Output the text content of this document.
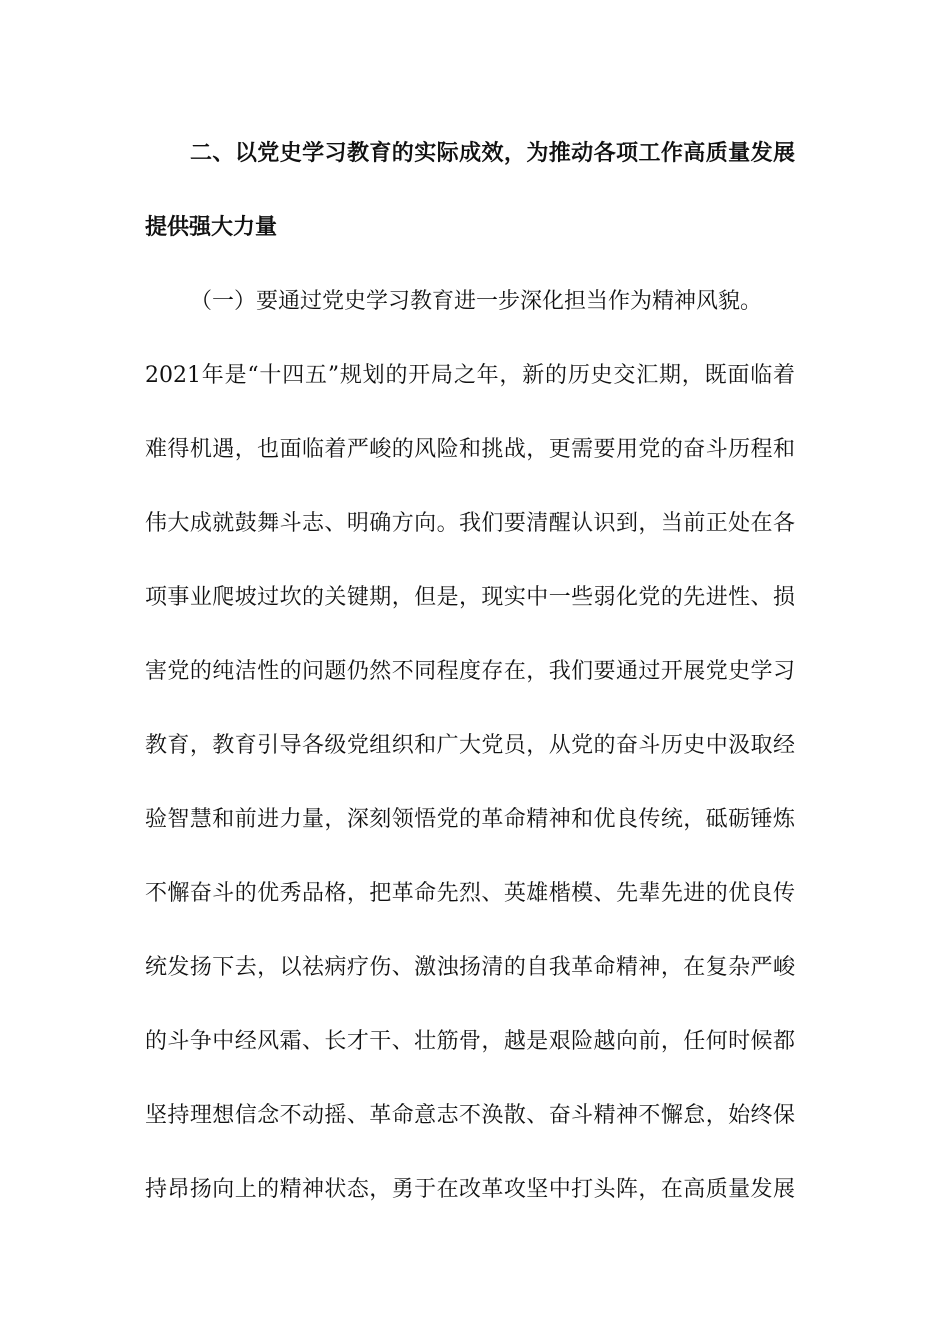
二、以党史学习教育的实际成效，为推动各项工作高质量发展
提供强大力量
（一）要通过党史学习教育进一步深化担当作为精神风貌。
2021年是“十四五”规划的开局之年，新的历史交汇期，既面临着
难得机遇，也面临着严峻的风险和挑战，更需要用党的奋斗历程和
伟大成就鼓舞斗志、明确方向。我们要清醒认识到，当前正处在各
项事业爬坡过坎的关键期，但是，现实中一些弱化党的先进性、损
害党的纯洁性的问题仍然不同程度存在，我们要通过开展党史学习
教育，教育引导各级党组织和广大党员，从党的奋斗历史中汲取经
验智慧和前进力量，深刻领悟党的革命精神和优良传统，砥砺锤炼
不懈奋斗的优秀品格，把革命先烈、英雄楷模、先辈先进的优良传
统发扬下去，以祛病疗伤、激浊扬清的自我革命精神，在复杂严峻
的斗争中经风霜、长才干、壮筋骨，越是艰险越向前，任何时候都
坚持理想信念不动摇、革命意志不涣散、奋斗精神不懈怠，始终保
持昂扬向上的精神状态，勇于在改革攻坚中打头阵，在高质量发展
